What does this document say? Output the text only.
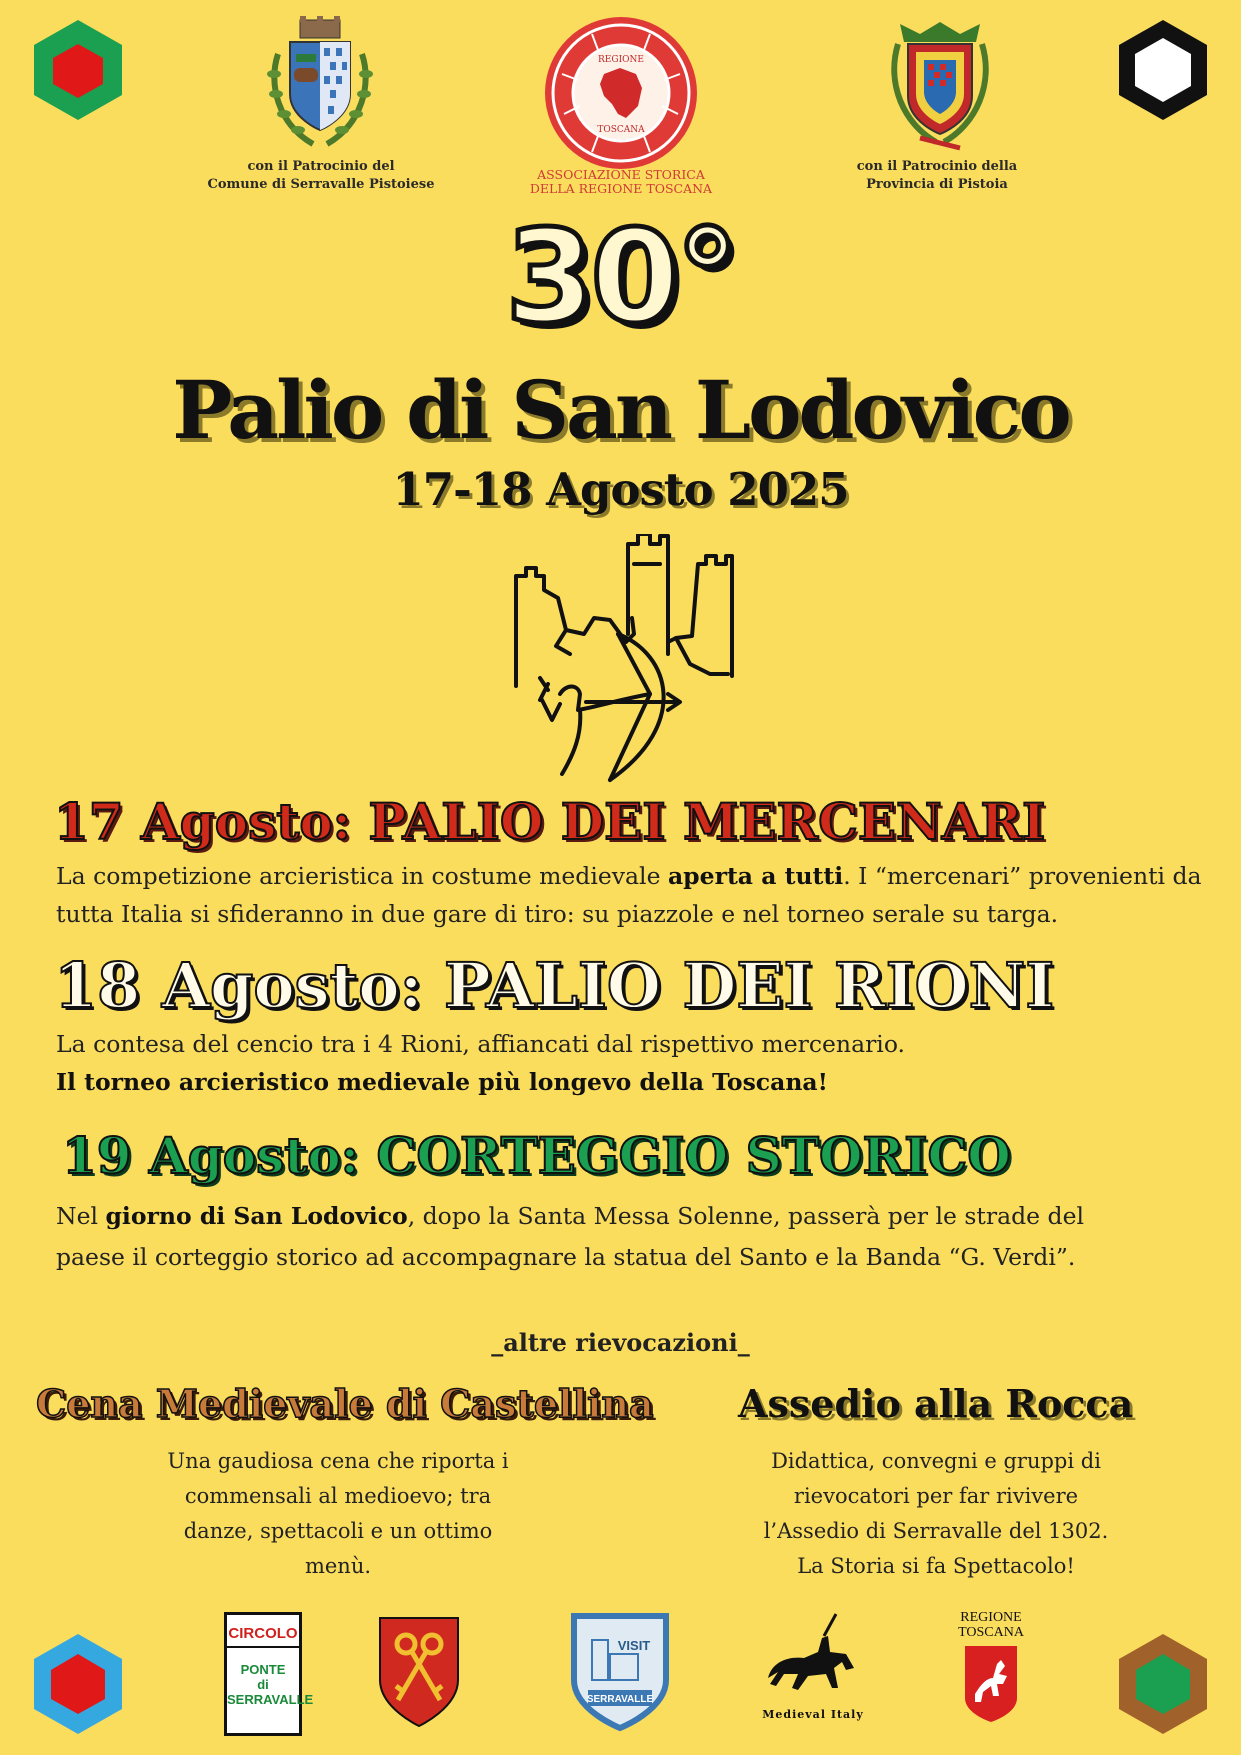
con il Patrocinio del
Comune di Serravalle Pistoiese
REGIONE
TOSCANA
ASSOCIAZIONE STORICA
DELLA REGIONE TOSCANA
con il Patrocinio della
Provincia di Pistoia
30°
Palio di San Lodovico
17-18 Agosto 2025
17 Agosto: PALIO DEI MERCENARI
La competizione arcieristica in costume medievale aperta a tutti. I “mercenari” provenienti da
tutta Italia si sfideranno in due gare di tiro: su piazzole e nel torneo serale su targa.
18 Agosto: PALIO DEI RIONI
La contesa del cencio tra i 4 Rioni, affiancati dal rispettivo mercenario.
Il torneo arcieristico medievale più longevo della Toscana!
19 Agosto: CORTEGGIO STORICO
Nel giorno di San Lodovico, dopo la Santa Messa Solenne, passerà per le strade del
paese il corteggio storico ad accompagnare la statua del Santo e la Banda “G. Verdi”.
_altre rievocazioni_
Cena Medievale di Castellina
Una gaudiosa cena che riporta i
commensali al medioevo; tra
danze, spettacoli e un ottimo
menù.
Assedio alla Rocca
Didattica, convegni e gruppi di
rievocatori per far rivivere
l’Assedio di Serravalle del 1302.
La Storia si fa Spettacolo!
CIRCOLO
PONTE
di
SERRAVALLE
VISIT
SERRAVALLE
Medieval Italy
REGIONE
TOSCANA
